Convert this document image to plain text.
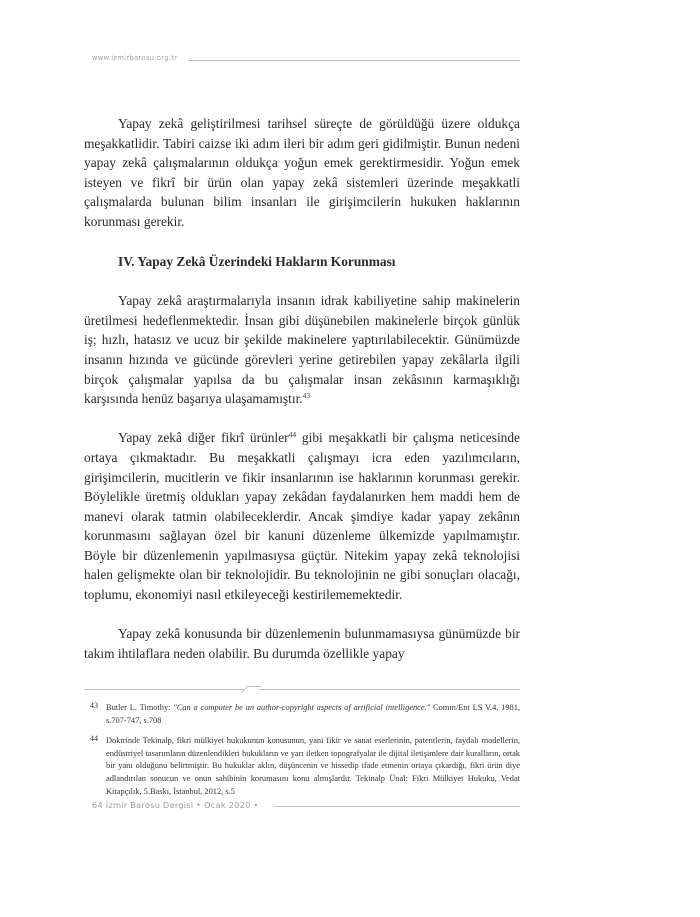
www.izmirbarosu.org.tr

Yapay zekâ geliştirilmesi tarihsel süreçte de görüldüğü üzere oldukça meşakkatlidir. Tabiri caizse iki adım ileri bir adım geri gidilmiştir. Bunun nedeni yapay zekâ çalışmalarının oldukça yoğun emek gerektirmesidir. Yoğun emek isteyen ve fikrî bir ürün olan yapay zekâ sistemleri üzerinde meşakkatli çalışmalarda bulunan bilim insanları ile girişimcilerin hukuken haklarının korunması gerekir.

IV. Yapay Zekâ Üzerindeki Hakların Korunması

Yapay zekâ araştırmalarıyla insanın idrak kabiliyetine sahip makinelerin üretilmesi hedeflenmektedir. İnsan gibi düşünebilen makinelerle birçok günlük iş; hızlı, hatasız ve ucuz bir şekilde makinelere yaptırılabilecektir. Günümüzde insanın hızında ve gücünde görevleri yerine getirebilen yapay zekâlarla ilgili birçok çalışmalar yapılsa da bu çalışmalar insan zekâsının karmaşıklığı karşısında henüz başarıya ulaşamamıştır.$^{43}$

Yapay zekâ diğer fikrî ürünler$^{44}$ gibi meşakkatli bir çalışma neticesinde ortaya çıkmaktadır. Bu meşakkatli çalışmayı icra eden yazılımcıların, girişimcilerin, mucitlerin ve fikir insanlarının ise haklarının korunması gerekir. Böylelikle üretmiş oldukları yapay zekâdan faydalanırken hem maddi hem de manevi olarak tatmin olabileceklerdir. Ancak şimdiye kadar yapay zekânın korunmasını sağlayan özel bir kanuni düzenleme ülkemizde yapılmamıştır. Böyle bir düzenlemenin yapılmasıysa güçtür. Nitekim yapay zekâ teknolojisi halen gelişmekte olan bir teknolojidir. Bu teknolojinin ne gibi sonuçları olacağı, toplumu, ekonomiyi nasıl etkileyeceği kestirilememektedir.

Yapay zekâ konusunda bir düzenlemenin bulunmamasıysa günümüzde bir takım ihtilaflara neden olabilir. Bu durumda özellikle yapay

43 Butler L. Timothy: "Can a computer be an author-copyright aspects of artificial intelligence." Comm/Ent LS V.4, 1981, s.707-747, s.708
44 Doktrinde Tekinalp, fikri mülkiyet hukukunun konusunun, yani fikir ve sanat eserlerinin, patentlerin, faydalı modellerin, endüstriyel tasarımların düzenlendikleri hukukların ve yarı iletken topografyalar ile dijital iletişimlere dair kuralların, ortak bir yanı olduğunu belirtmiştir. Bu hukuklar aklın, düşüncenin ve hissedip ifade etmenin ortaya çıkardığı, fikri ürün diye adlandırılan sonucun ve onun sahibinin korumasını konu almışlardır. Tekinalp Ünal: Fikri Mülkiyet Hukuku, Vedat Kitapçılık, 5.Baskı, İstanbul, 2012, s.5
64 İzmir Barosu Dergisi • Ocak 2020 •
